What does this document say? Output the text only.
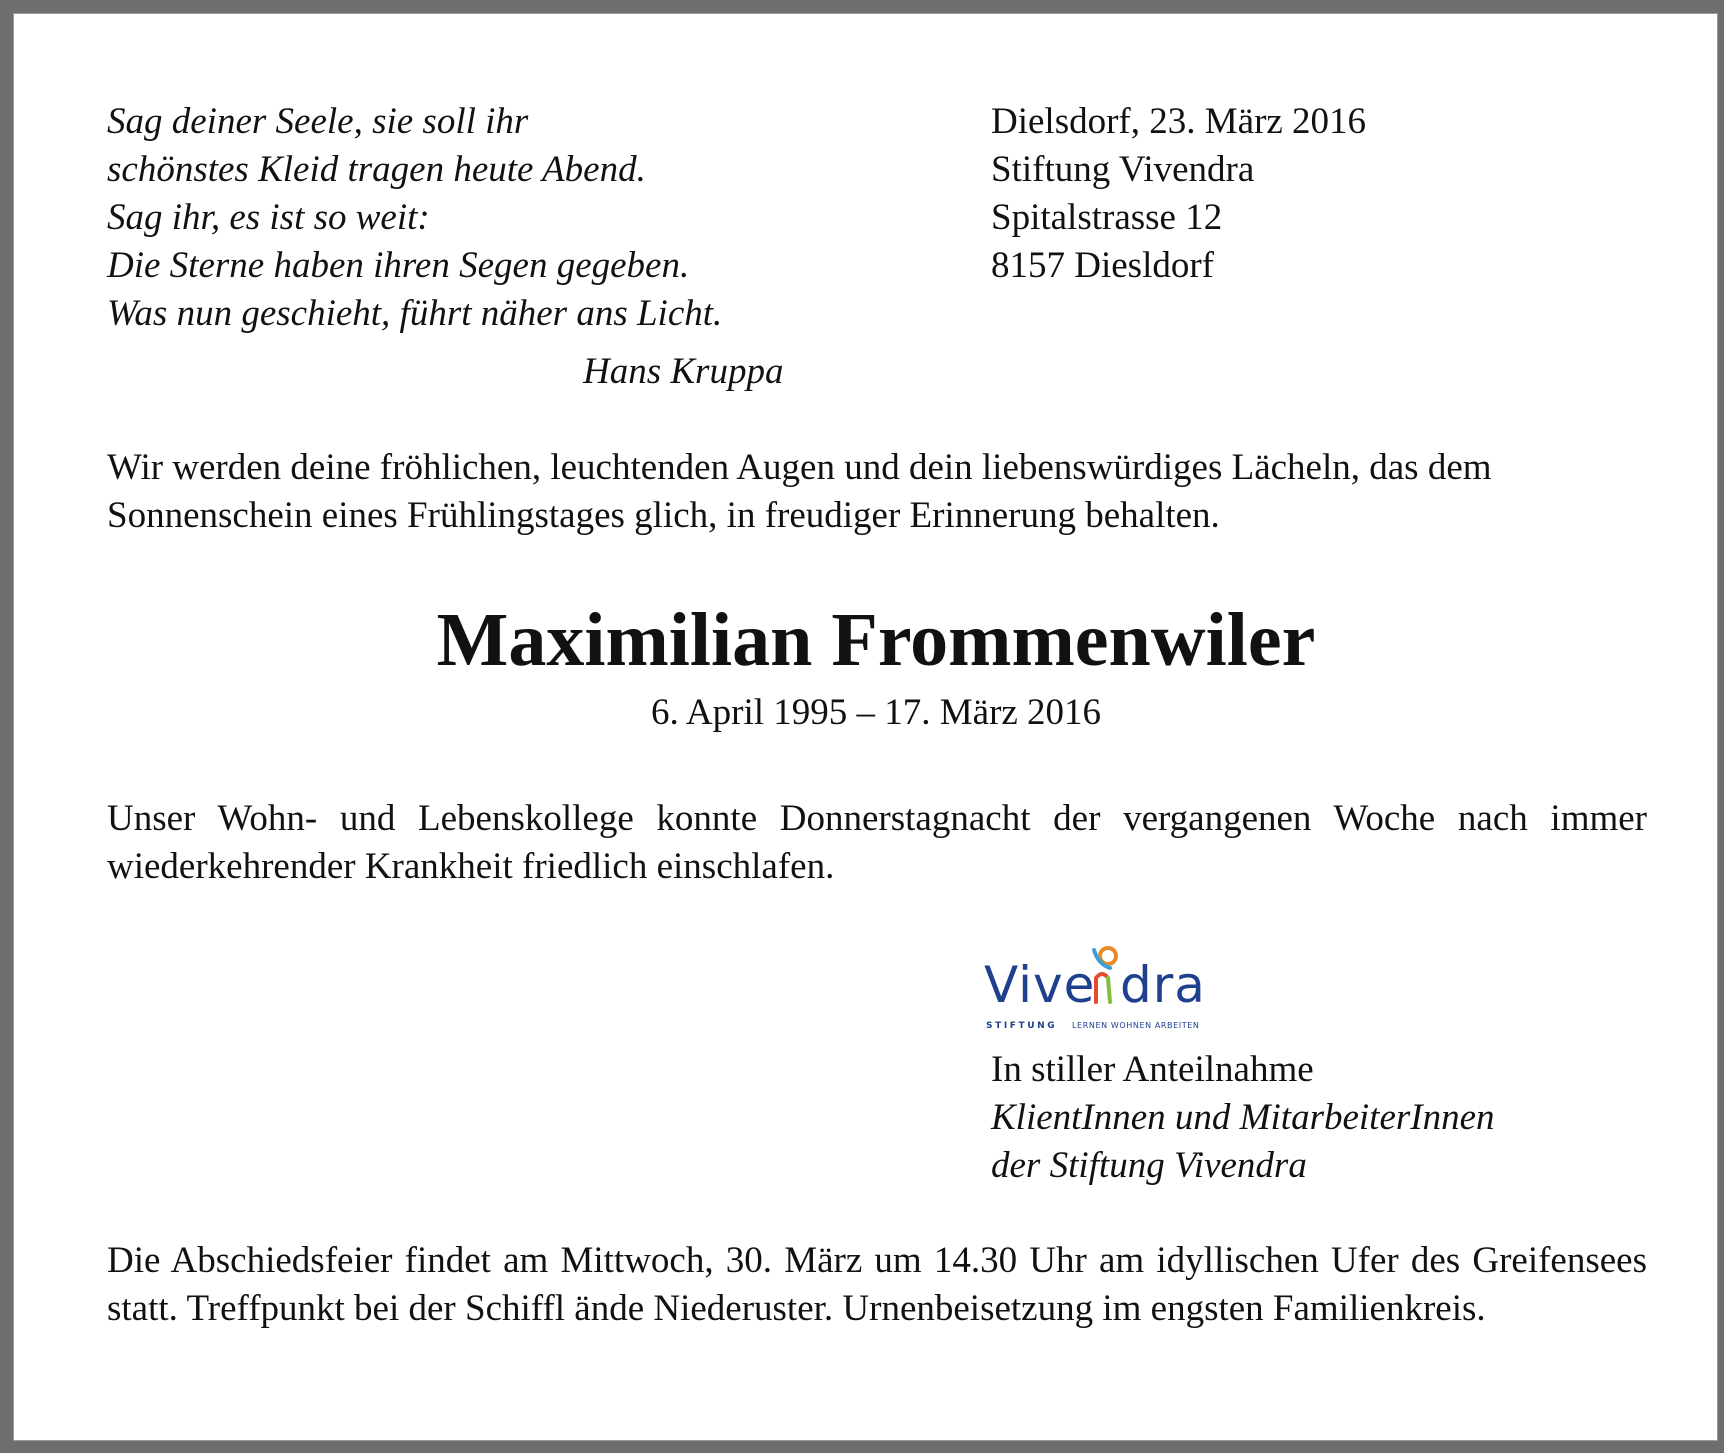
Sag deiner Seele, sie soll ihr
schönstes Kleid tragen heute Abend.
Sag ihr, es ist so weit:
Die Sterne haben ihren Segen gegeben.
Was nun geschieht, führt näher ans Licht.
Hans Kruppa
Dielsdorf, 23. März 2016
Stiftung Vivendra
Spitalstrasse 12
8157 Diesldorf
Wir werden deine fröhlichen, leuchtenden Augen und dein liebenswürdiges Lächeln, das dem Sonnenschein eines Frühlingstages glich, in freudiger Erinnerung behalten.
Maximilian Frommenwiler
6. April 1995 – 17. März 2016
Unser Wohn- und Lebenskollege konnte Donnerstagnacht der vergangenen Woche nach immer wiederkehrender Krankheit friedlich einschlafen.
Vive dra
STIFTUNG LERNEN WOHNEN ARBEITEN
In stiller Anteilnahme
KlientInnen und MitarbeiterInnen
der Stiftung Vivendra
Die Abschiedsfeier findet am Mittwoch, 30. März um 14.30 Uhr am idyllischen Ufer des Greifensees statt. Treffpunkt bei der Schiffl ände Niederuster. Urnenbeisetzung im engsten Familienkreis.
